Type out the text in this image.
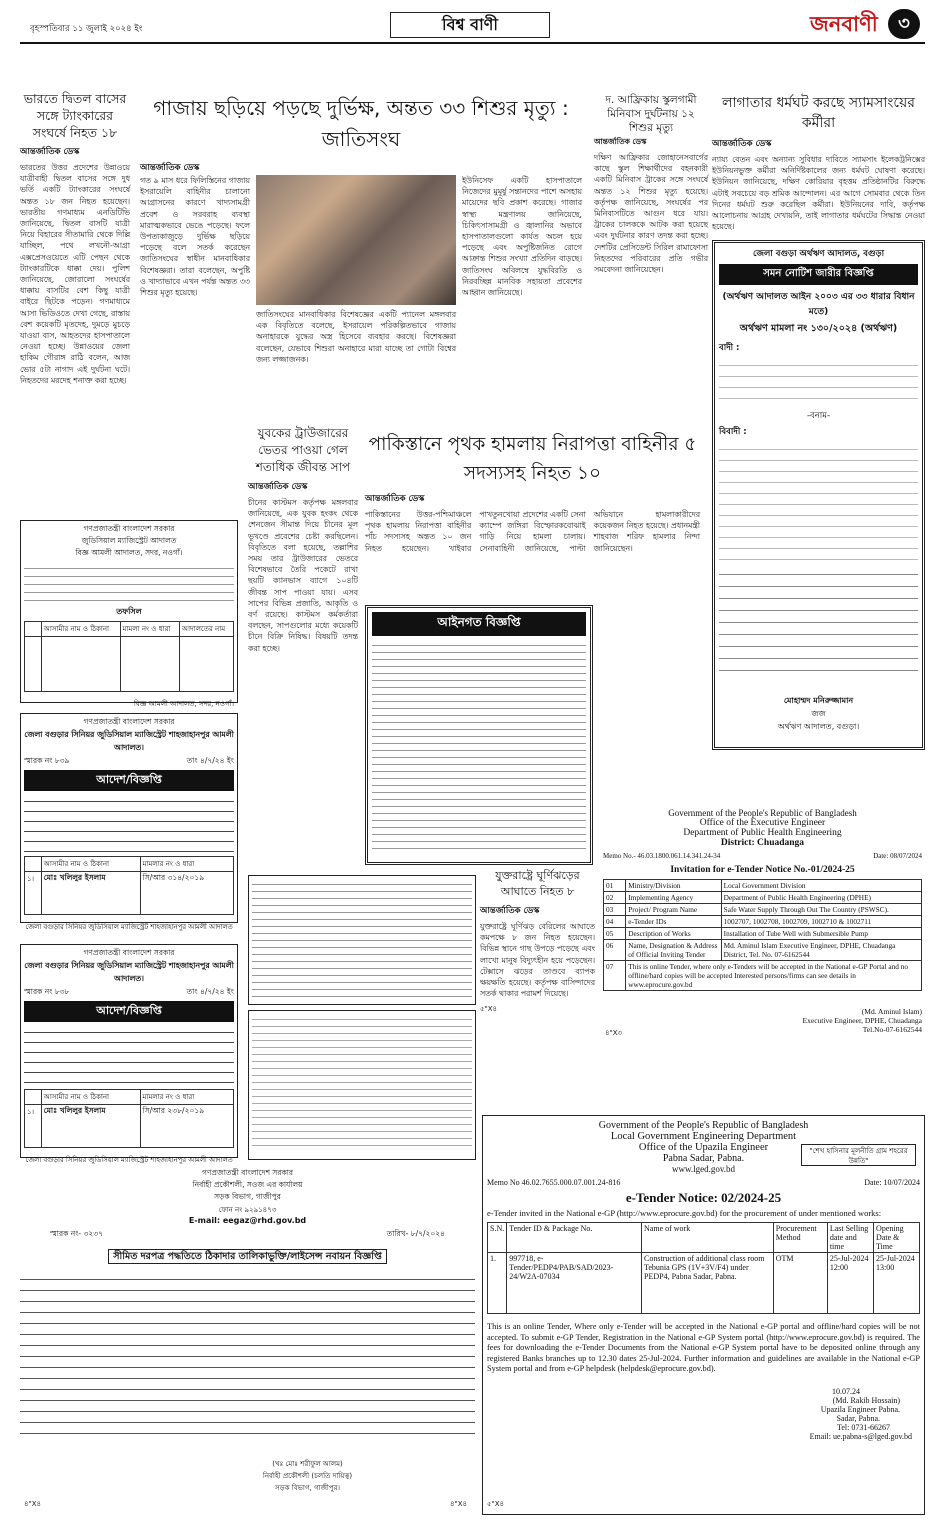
বৃহস্পতিবার ১১ জুলাই ২০২৪ ইং	বিশ্ব বাণী	জনবাণী	৩
ভারতে দ্বিতল বাসের সঙ্গে ট্যাংকারের সংঘর্ষে নিহত ১৮
আন্তর্জাতিক ডেস্ক
ভারতের উত্তর প্রদেশের উন্নাওয়ে যাত্রীবাহী দ্বিতল বাসের সঙ্গে দুধ ভর্তি একটি ট্যাংকারের সংঘর্ষে অন্তত ১৮ জন নিহত হয়েছেন। ভারতীয় গণমাধ্যম এনডিটিভি জানিয়েছে, দ্বিতল বাসটি যাত্রী নিয়ে বিহারের সীতামারি থেকে দিল্লি যাচ্ছিল, পথে লখনৌ-আগ্রা এক্সপ্রেসওয়েতে এটি পেছন থেকে ট্যাংকারটিকে ধাক্কা দেয়। পুলিশ জানিয়েছে, জোরালো সংঘর্ষের ধাক্কায় বাসটির বেশ কিছু যাত্রী বাইরে ছিটকে পড়েন। গণমাধ্যমে আসা ভিডিওতে দেখা গেছে, রাস্তায় বেশ কয়েকটি মৃতদেহ, দুমড়ে মুচড়ে যাওয়া বাস, আহতদের হাসপাতালে নেওয়া হচ্ছে। উন্নাওয়ের জেলা হাকিম গৌরাঙ্গ রাঠি বলেন, আজ ভোর ৫টা নাগাদ এই দুর্ঘটনা ঘটে। নিহতদের মরদেহ শনাক্ত করা হচ্ছে।
গাজায় ছড়িয়ে পড়ছে দুর্ভিক্ষ, অন্তত ৩৩ শিশুর মৃত্যু : জাতিসংঘ
আন্তর্জাতিক ডেস্ক
গত ৯ মাস ধরে ফিলিস্তিনের গাজায় ইসরায়েলি বাহিনীর চালানো আগ্রাসনের কারণে খাদ্যসামগ্রী প্রবেশ ও সরবরাহ ব্যবস্থা মারাত্মকভাবে ভেঙে পড়েছে। ফলে উপত্যকাজুড়ে দুর্ভিক্ষ ছড়িয়ে পড়েছে বলে সতর্ক করেছেন জাতিসংঘের স্বাধীন মানবাধিকার বিশেষজ্ঞরা। তারা বলেছেন, অপুষ্টি ও খাদ্যাভাবে এখন পর্যন্ত অন্তত ৩৩ শিশুর মৃত্যু হয়েছে।
জাতিসংঘের মানবাধিকার বিশেষজ্ঞের একটি প্যানেল মঙ্গলবার এক বিবৃতিতে বলেছে, ইসরায়েল পরিকল্পিতভাবে গাজায় অনাহারকে যুদ্ধের অস্ত্র হিসেবে ব্যবহার করছে। বিশেষজ্ঞরা বলেছেন, যেভাবে শিশুরা অনাহারে মারা যাচ্ছে তা গোটা বিশ্বের জন্য লজ্জাজনক।
ইউনিসেফ একটি হাসপাতালে নিজেদের মুমূর্ষু সন্তানদের পাশে অসহায় মায়েদের ছবি প্রকাশ করেছে। গাজার স্বাস্থ্য মন্ত্রণালয় জানিয়েছে, চিকিৎসাসামগ্রী ও জ্বালানির অভাবে হাসপাতালগুলো কার্যত অচল হয়ে পড়েছে এবং অপুষ্টিজনিত রোগে আক্রান্ত শিশুর সংখ্যা প্রতিদিন বাড়ছে। জাতিসংঘ অবিলম্বে যুদ্ধবিরতি ও নিরবচ্ছিন্ন মানবিক সহায়তা প্রবেশের আহ্বান জানিয়েছে।
দ. আফ্রিকায় স্কুলগামী মিনিবাস দুর্ঘটনায় ১২ শিশুর মৃত্যু
আন্তর্জাতিক ডেস্ক
দক্ষিণ আফ্রিকার জোহানেসবার্গের কাছে স্কুল শিক্ষার্থীদের বহনকারী একটি মিনিবাস ট্রাকের সঙ্গে সংঘর্ষে অন্তত ১২ শিশুর মৃত্যু হয়েছে। কর্তৃপক্ষ জানিয়েছে, সংঘর্ষের পর মিনিবাসটিতে আগুন ধরে যায়। ট্রাকের চালককে আটক করা হয়েছে এবং দুর্ঘটনার কারণ তদন্ত করা হচ্ছে। দেশটির প্রেসিডেন্ট সিরিল রামাফোসা নিহতদের পরিবারের প্রতি গভীর সমবেদনা জানিয়েছেন।
লাগাতার ধর্মঘট করছে স্যামসাংয়ের কর্মীরা
আন্তর্জাতিক ডেস্ক
ন্যায্য বেতন এবং অন্যান্য সুবিধার দাবিতে স্যামসাং ইলেকট্রনিক্সের ইউনিয়নভুক্ত কর্মীরা অনির্দিষ্টকালের জন্য ধর্মঘট ঘোষণা করেছে। ইউনিয়ন জানিয়েছে, দক্ষিণ কোরিয়ার বৃহত্তম প্রতিষ্ঠানটির বিরুদ্ধে এটাই সবচেয়ে বড় শ্রমিক আন্দোলন। এর আগে সোমবার থেকে তিন দিনের ধর্মঘট শুরু করেছিল কর্মীরা। ইউনিয়নের দাবি, কর্তৃপক্ষ আলোচনায় আগ্রহ দেখায়নি, তাই লাগাতার ধর্মঘটের সিদ্ধান্ত নেওয়া হয়েছে।
জেলা বগুড়া অর্থঋণ আদালত, বগুড়া
সমন নোটিশ জারীর বিজ্ঞপ্তি
(অর্থঋণ আদালত আইন ২০০৩ এর ৩৩ ধারার বিধান মতে)
অর্থঋণ মামলা নং ১৩০/২০২৪ (অর্থঋণ)
বাদী :
-বনাম-
বিবাদী :
মোহাম্মদ মনিরুজ্জামান
জজ
অর্থঋণ আদালত, বগুড়া।
গণপ্রজাতন্ত্রী বাংলাদেশ সরকার
জুডিসিয়াল ম্যাজিস্ট্রেট আদালত
বিজ্ঞ আমলী আদালত, সদর, নওগাঁ।
তফসিল
	আসামীর নাম ও ঠিকানা	মামলা নং ও ধারা	আদালতের নাম

বিজ্ঞ আমলী আদালত, সদর, নওগাঁ।
গণপ্রজাতন্ত্রী বাংলাদেশ সরকার
জেলা বগুড়ার সিনিয়র জুডিসিয়াল ম্যাজিস্ট্রেট শাহজাহানপুর আমলী আদালত।
স্মারক নং ৮৩৯	তাং ৪/৭/২৪ ইং
আদেশ/বিজ্ঞপ্তি
	আসামীর নাম ও ঠিকানা	মামলার নং ও ধারা
১।	মোঃ খলিলুর ইসলাম	সি/আর ৩১৪/২০১৯
জেলা বগুড়ার সিনিয়র জুডিসিয়াল ম্যাজিস্ট্রেট শাহজাহানপুর আমলী আদালত
গণপ্রজাতন্ত্রী বাংলাদেশ সরকার
জেলা বগুড়ার সিনিয়র জুডিসিয়াল ম্যাজিস্ট্রেট শাহজাহানপুর আমলী আদালত।
স্মারক নং ৮৩৮	তাং ৪/৭/২৪ ইং
আদেশ/বিজ্ঞপ্তি
	আসামীর নাম ও ঠিকানা	মামলার নং ও ধারা
১।	মোঃ খলিলুর ইসলাম	সি/আর ২৩৮/২০১৯
জেলা বগুড়ার সিনিয়র জুডিসিয়াল ম্যাজিস্ট্রেট শাহজাহানপুর আমলী আদালত
যুবকের ট্রাউজারের ভেতর পাওয়া গেল শতাধিক জীবন্ত সাপ
আন্তর্জাতিক ডেস্ক
চীনের কাস্টমস কর্তৃপক্ষ মঙ্গলবার জানিয়েছে, এক যুবক হংকং থেকে শেনজেন সীমান্ত দিয়ে চীনের মূল ভূখণ্ডে প্রবেশের চেষ্টা করছিলেন। বিবৃতিতে বলা হয়েছে, তল্লাশির সময় তার ট্রাউজারের ভেতরে বিশেষভাবে তৈরি পকেটে রাখা ছয়টি ক্যানভাস ব্যাগে ১০৪টি জীবন্ত সাপ পাওয়া যায়। এসব সাপের বিভিন্ন প্রজাতি, আকৃতি ও বর্ণ রয়েছে। কাস্টমস কর্মকর্তারা বলছেন, সাপগুলোর মধ্যে কয়েকটি চীনে বিক্রি নিষিদ্ধ। বিষয়টি তদন্ত করা হচ্ছে।
পাকিস্তানে পৃথক হামলায় নিরাপত্তা বাহিনীর ৫ সদস্যসহ নিহত ১০
আন্তর্জাতিক ডেস্ক
পাকিস্তানের উত্তর-পশ্চিমাঞ্চলে পৃথক হামলায় নিরাপত্তা বাহিনীর পাঁচ সদস্যসহ অন্তত ১০ জন নিহত হয়েছেন। খাইবার পাখতুনখোয়া প্রদেশের একটি সেনা ক্যাম্পে জঙ্গিরা বিস্ফোরকবোঝাই গাড়ি নিয়ে হামলা চালায়। সেনাবাহিনী জানিয়েছে, পাল্টা অভিযানে হামলাকারীদের কয়েকজন নিহত হয়েছে। প্রধানমন্ত্রী শাহবাজ শরিফ হামলার নিন্দা জানিয়েছেন।
আইনগত বিজ্ঞপ্তি
যুক্তরাষ্ট্রে ঘূর্ণিঝড়ের আঘাতে নিহত ৮
আন্তর্জাতিক ডেস্ক
যুক্তরাষ্ট্রে ঘূর্ণিঝড় বেরিলের আঘাতে কমপক্ষে ৮ জন নিহত হয়েছেন। বিভিন্ন স্থানে গাছ উপড়ে পড়েছে এবং লাখো মানুষ বিদ্যুৎহীন হয়ে পড়েছেন। টেক্সাসে ঝড়ের তাণ্ডবে ব্যাপক ক্ষয়ক্ষতি হয়েছে। কর্তৃপক্ষ বাসিন্দাদের সতর্ক থাকার পরামর্শ দিয়েছে।
৫"X৪
Government of the People's Republic of Bangladesh
Office of the Executive Engineer
Department of Public Health Engineering
District: Chuadanga
Memo No.- 46.03.1800.061.14.341.24-34	Date: 08/07/2024
Invitation for e-Tender Notice No.-01/2024-25
01	Ministry/Division	Local Government Division
02	Implementing Agency	Department of Public Health Engineering (DPHE)
03	Project/ Program Name	Safe Water Supply Through Out The Country (PSWSC).
04	e-Tender IDs	1002707, 1002708, 1002709, 1002710 & 1002711
05	Description of Works	Installation of Tube Well with Submersible Pump
06	Name, Designation & Address of Official Inviting Tender	Md. Aminul Islam Executive Engineer, DPHE, Chuadanga District, Tel. No. 07-6162544
07	This is online Tender, where only e-Tenders will be accepted in the National e-GP Portal and no offline/hard copies will be accepted Interested persons/firms can see details in www.eprocure.gov.bd	
(Md. Aminul Islam)
Executive Engineer, DPHE, Chuadanga
Tel.No-07-6162544
৪"X৩
গণপ্রজাতন্ত্রী বাংলাদেশ সরকার
নির্বাহী প্রকৌশলী, সওজ এর কার্যালয়
সড়ক বিভাগ, গাজীপুর
ফোন নং ৯২৯১৪৭৩
E-mail: eegaz@rhd.gov.bd
স্মারক নং- ৩২৩৭	তারিখ- ৮/৭/২০২৪
সীমিত দরপত্র পদ্ধতিতে ঠিকাদার তালিকাভুক্তি/লাইসেন্স নবায়ন বিজ্ঞপ্তি
(খঃ মোঃ শরীফুল আলম)
নির্বাহী প্রকৌশলী (চলতি দায়িত্ব)
সড়ক বিভাগ, গাজীপুর।
৪"X৪	৪"X৪
Government of the People's Republic of Bangladesh
Local Government Engineering Department
Office of the Upazila Engineer
Pabna Sadar, Pabna.
www.lged.gov.bd
"শেখ হাসিনার মূলনীতি গ্রাম শহরের উন্নতি"
Memo No 46.02.7655.000.07.001.24-816	Date: 10/07/2024
e-Tender Notice: 02/2024-25
e-Tender invited in the National e-GP (http://www.eprocure.gov.bd) for the procurement of under mentioned works:
S.N.	Tender ID & Package No.	Name of work	Procurement Method	Last Selling date and time	Opening Date & Time
1.	997718, e-Tender/PEDP4/PAB/SAD/2023-24/W2A-07034	Construction of additional class room Tebunia GPS (1V+3V/F4) under PEDP4, Pabna Sadar, Pabna.	OTM	25-Jul-2024 12:00	25-Jul-2024 13:00
This is an online Tender, Where only e-Tender will be accepted in the National e-GP portal and offline/hard copies will be not accepted. To submit e-GP Tender, Registration in the National e-GP System portal (http://www.eprocure.gov.bd) is required. The fees for downloading the e-Tender Documents from the National e-GP System portal have to be deposited online through any registered Banks branches up to 12.30 dates 25-Jul-2024. Further information and guidelines are available in the National e-GP System portal and from e-GP helpdesk (helpdesk@eprocure.gov.bd).
10.07.24
(Md. Rakib Hossain)
Upazila Engineer Pabna.
Sadar, Pabna.
Tel: 0731-66267
Email: ue.pabna-s@lged.gov.bd
৫"X৪
